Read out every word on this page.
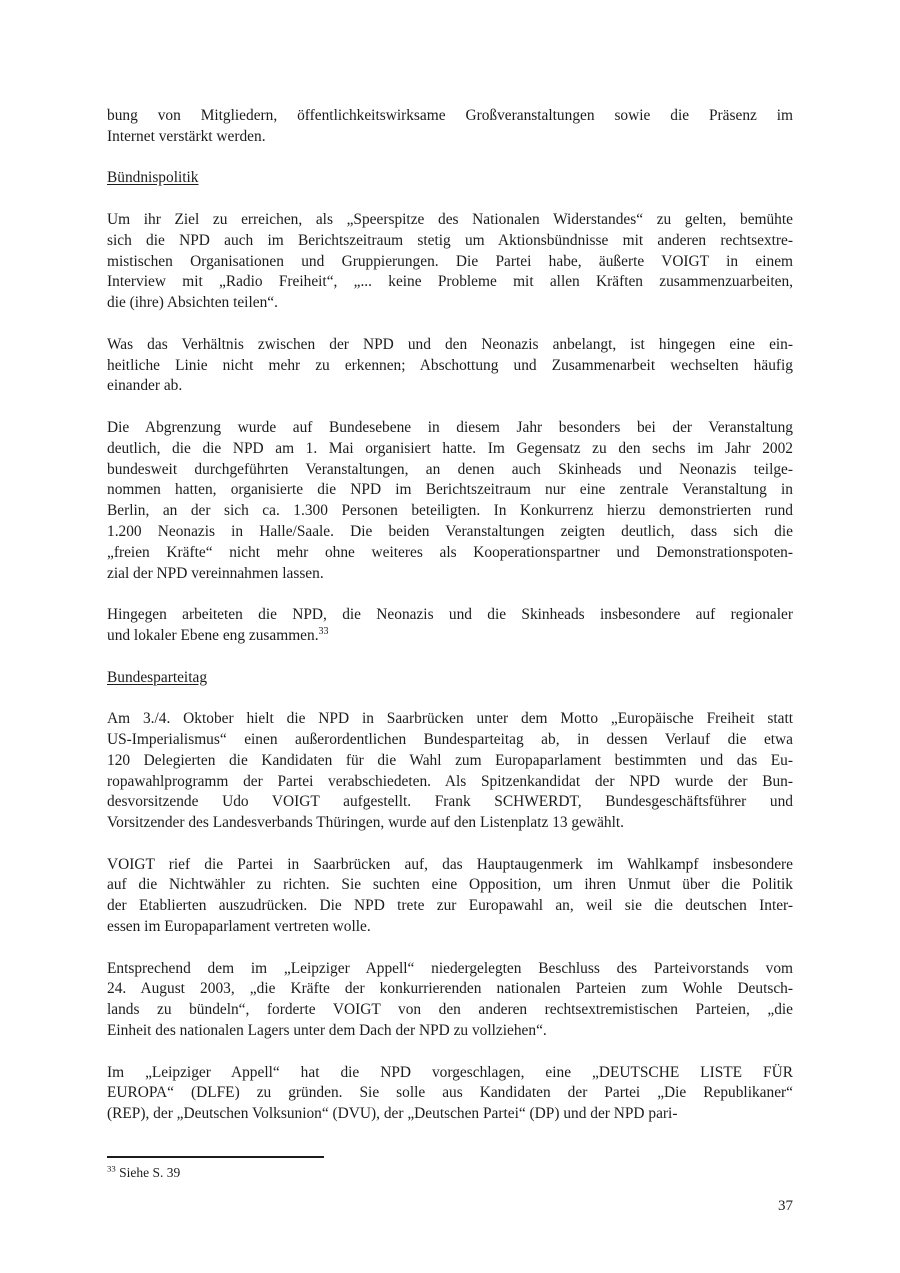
bung von Mitgliedern, öffentlichkeitswirksame Großveranstaltungen sowie die Präsenz im
Internet verstärkt werden.
Bündnispolitik
Um ihr Ziel zu erreichen, als „Speerspitze des Nationalen Widerstandes“ zu gelten, bemühte
sich die NPD auch im Berichtszeitraum stetig um Aktionsbündnisse mit anderen rechtsextre-
mistischen Organisationen und Gruppierungen. Die Partei habe, äußerte VOIGT in einem
Interview mit „Radio Freiheit“, „... keine Probleme mit allen Kräften zusammenzuarbeiten,
die (ihre) Absichten teilen“.
Was das Verhältnis zwischen der NPD und den Neonazis anbelangt, ist hingegen eine ein-
heitliche Linie nicht mehr zu erkennen; Abschottung und Zusammenarbeit wechselten häufig
einander ab.
Die Abgrenzung wurde auf Bundesebene in diesem Jahr besonders bei der Veranstaltung
deutlich, die die NPD am 1. Mai organisiert hatte. Im Gegensatz zu den sechs im Jahr 2002
bundesweit durchgeführten Veranstaltungen, an denen auch Skinheads und Neonazis teilge-
nommen hatten, organisierte die NPD im Berichtszeitraum nur eine zentrale Veranstaltung in
Berlin, an der sich ca. 1.300 Personen beteiligten. In Konkurrenz hierzu demonstrierten rund
1.200 Neonazis in Halle/Saale. Die beiden Veranstaltungen zeigten deutlich, dass sich die
„freien Kräfte“ nicht mehr ohne weiteres als Kooperationspartner und Demonstrationspoten-
zial der NPD vereinnahmen lassen.
Hingegen arbeiteten die NPD, die Neonazis und die Skinheads insbesondere auf regionaler
und lokaler Ebene eng zusammen.$^{33}$
Bundesparteitag
Am 3./4. Oktober hielt die NPD in Saarbrücken unter dem Motto „Europäische Freiheit statt
US-Imperialismus“ einen außerordentlichen Bundesparteitag ab, in dessen Verlauf die etwa
120 Delegierten die Kandidaten für die Wahl zum Europaparlament bestimmten und das Eu-
ropawahlprogramm der Partei verabschiedeten. Als Spitzenkandidat der NPD wurde der Bun-
desvorsitzende Udo VOIGT aufgestellt. Frank SCHWERDT, Bundesgeschäftsführer und
Vorsitzender des Landesverbands Thüringen, wurde auf den Listenplatz 13 gewählt.
VOIGT rief die Partei in Saarbrücken auf, das Hauptaugenmerk im Wahlkampf insbesondere
auf die Nichtwähler zu richten. Sie suchten eine Opposition, um ihren Unmut über die Politik
der Etablierten auszudrücken. Die NPD trete zur Europawahl an, weil sie die deutschen Inter-
essen im Europaparlament vertreten wolle.
Entsprechend dem im „Leipziger Appell“ niedergelegten Beschluss des Parteivorstands vom
24. August 2003, „die Kräfte der konkurrierenden nationalen Parteien zum Wohle Deutsch-
lands zu bündeln“, forderte VOIGT von den anderen rechtsextremistischen Parteien, „die
Einheit des nationalen Lagers unter dem Dach der NPD zu vollziehen“.
Im „Leipziger Appell“ hat die NPD vorgeschlagen, eine „DEUTSCHE LISTE FÜR
EUROPA“ (DLFE) zu gründen. Sie solle aus Kandidaten der Partei „Die Republikaner“
(REP), der „Deutschen Volksunion“ (DVU), der „Deutschen Partei“ (DP) und der NPD pari-
$^{33}$ Siehe S. 39
37
